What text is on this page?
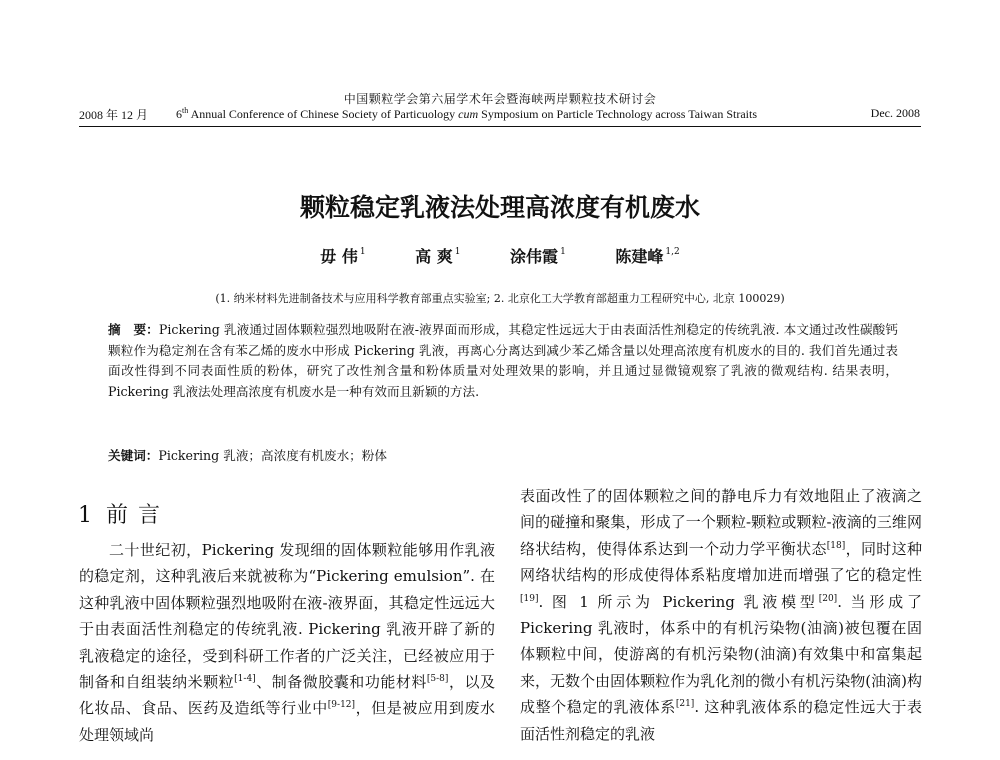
中国颗粒学会第六届学术年会暨海峡两岸颗粒技术研讨会
2008 年 12 月 6th Annual Conference of Chinese Society of Particuology cum Symposium on Particle Technology across Taiwan Straits	Dec. 2008
颗粒稳定乳液法处理高浓度有机废水
毋 伟 $^1$	高 爽 $^1$	涂伟霞 $^1$	陈建峰 $^{1,2}$
(1. 纳米材料先进制备技术与应用科学教育部重点实验室; 2. 北京化工大学教育部超重力工程研究中心, 北京 100029)
摘　要：Pickering 乳液通过固体颗粒强烈地吸附在液-液界面而形成，其稳定性远远大于由表面活性剂稳定的传统乳液. 本文通过改性碳酸钙颗粒作为稳定剂在含有苯乙烯的废水中形成 Pickering 乳液，再离心分离达到减少苯乙烯含量以处理高浓度有机废水的目的. 我们首先通过表面改性得到不同表面性质的粉体，研究了改性剂含量和粉体质量对处理效果的影响，并且通过显微镜观察了乳液的微观结构. 结果表明，Pickering 乳液法处理高浓度有机废水是一种有效而且新颖的方法.
关键词：Pickering 乳液；高浓度有机废水；粉体
1 前言

二十世纪初，Pickering 发现细的固体颗粒能够用作乳液的稳定剂，这种乳液后来就被称为“Pickering emulsion”. 在这种乳液中固体颗粒强烈地吸附在液-液界面，其稳定性远远大于由表面活性剂稳定的传统乳液. Pickering 乳液开辟了新的乳液稳定的途径，受到科研工作者的广泛关注，已经被应用于制备和自组装纳米颗粒[1-4]、制备微胶囊和功能材料[5-8]，以及化妆品、食品、医药及造纸等行业中[9-12]，但是被应用到废水处理领域尚

表面改性了的固体颗粒之间的静电斥力有效地阻止了液滴之间的碰撞和聚集，形成了一个颗粒-颗粒或颗粒-液滴的三维网络状结构，使得体系达到一个动力学平衡状态[18]，同时这种网络状结构的形成使得体系粘度增加进而增强了它的稳定性[19]. 图 1 所示为 Pickering 乳液模型[20]. 当形成了 Pickering 乳液时，体系中的有机污染物(油滴)被包覆在固体颗粒中间，使游离的有机污染物(油滴)有效集中和富集起来，无数个由固体颗粒作为乳化剂的微小有机污染物(油滴)构成整个稳定的乳液体系[21]. 这种乳液体系的稳定性远大于表面活性剂稳定的乳液
